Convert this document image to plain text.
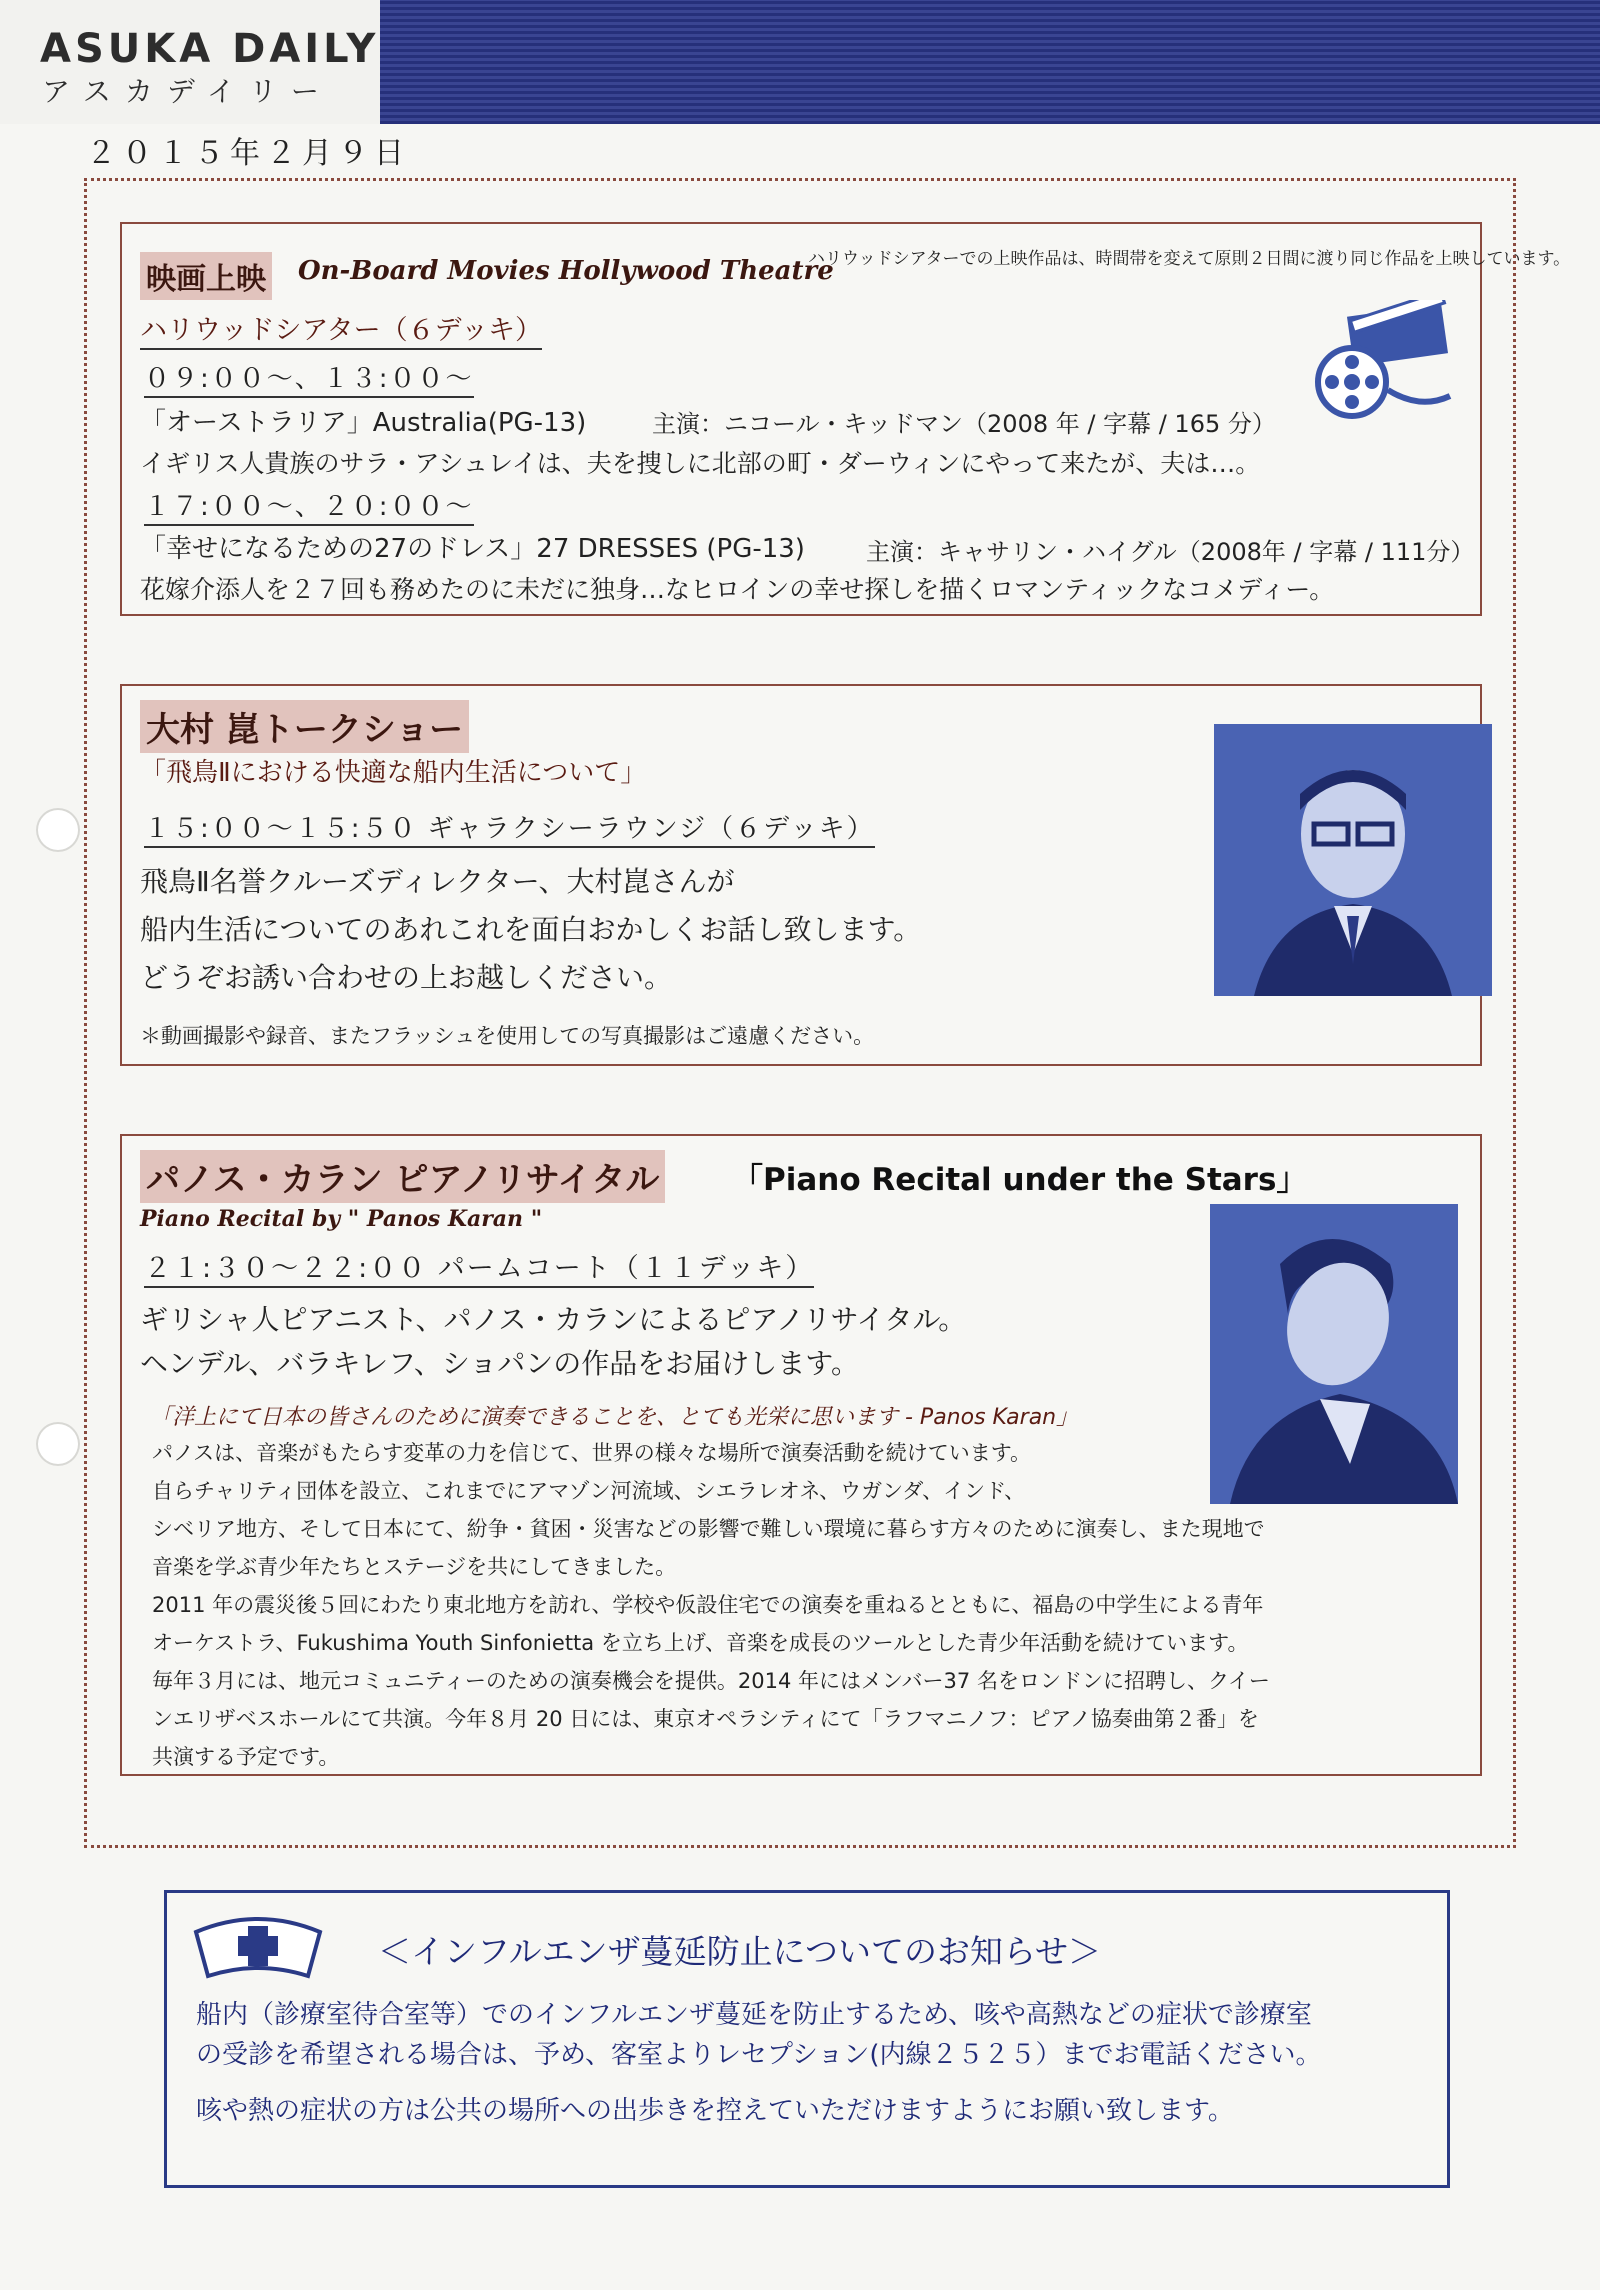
ASUKA DAILY
アスカデイリー
２０１５年２月９日
映画上映 On-Board Movies Hollywood Theatre
ハリウッドシアターでの上映作品は、時間帯を変えて原則２日間に渡り同じ作品を上映しています。
ハリウッドシアター（６デッキ）
０９:００〜、１３:００〜
「オーストラリア」Australia(PG-13)	主演：ニコール・キッドマン（2008 年 / 字幕 / 165 分）
イギリス人貴族のサラ・アシュレイは、夫を捜しに北部の町・ダーウィンにやって来たが、夫は…。
１７:００〜、２０:００〜
「幸せになるための27のドレス」27 DRESSES (PG-13)	主演：キャサリン・ハイグル（2008年 / 字幕 / 111分）
花嫁介添人を２７回も務めたのに未だに独身…なヒロインの幸せ探しを描くロマンティックなコメディー。
大村 崑トークショー
「飛鳥Ⅱにおける快適な船内生活について」
１５:００〜１５:５０ ギャラクシーラウンジ（６デッキ）
飛鳥Ⅱ名誉クルーズディレクター、大村崑さんが
船内生活についてのあれこれを面白おかしくお話し致します。
どうぞお誘い合わせの上お越しください。
＊動画撮影や録音、またフラッシュを使用しての写真撮影はご遠慮ください。
パノス・カラン ピアノリサイタル 「Piano Recital under the Stars」
Piano Recital by " Panos Karan "
２１:３０〜２２:００ パームコート（１１デッキ）
ギリシャ人ピアニスト、パノス・カランによるピアノリサイタル。
ヘンデル、バラキレフ、ショパンの作品をお届けします。
「洋上にて日本の皆さんのために演奏できることを、とても光栄に思います - Panos Karan」
パノスは、音楽がもたらす変革の力を信じて、世界の様々な場所で演奏活動を続けています。
自らチャリティ団体を設立、これまでにアマゾン河流域、シエラレオネ、ウガンダ、インド、
シベリア地方、そして日本にて、紛争・貧困・災害などの影響で難しい環境に暮らす方々のために演奏し、また現地で
音楽を学ぶ青少年たちとステージを共にしてきました。
2011 年の震災後５回にわたり東北地方を訪れ、学校や仮設住宅での演奏を重ねるとともに、福島の中学生による青年
オーケストラ、Fukushima Youth Sinfonietta を立ち上げ、音楽を成長のツールとした青少年活動を続けています。
毎年３月には、地元コミュニティーのための演奏機会を提供。2014 年にはメンバー37 名をロンドンに招聘し、クイー
ンエリザベスホールにて共演。今年８月 20 日には、東京オペラシティにて「ラフマニノフ：ピアノ協奏曲第２番」を
共演する予定です。
＜インフルエンザ蔓延防止についてのお知らせ＞
船内（診療室待合室等）でのインフルエンザ蔓延を防止するため、咳や高熱などの症状で診療室
の受診を希望される場合は、予め、客室よりレセプション(内線２５２５）までお電話ください。
咳や熱の症状の方は公共の場所への出歩きを控えていただけますようにお願い致します。
